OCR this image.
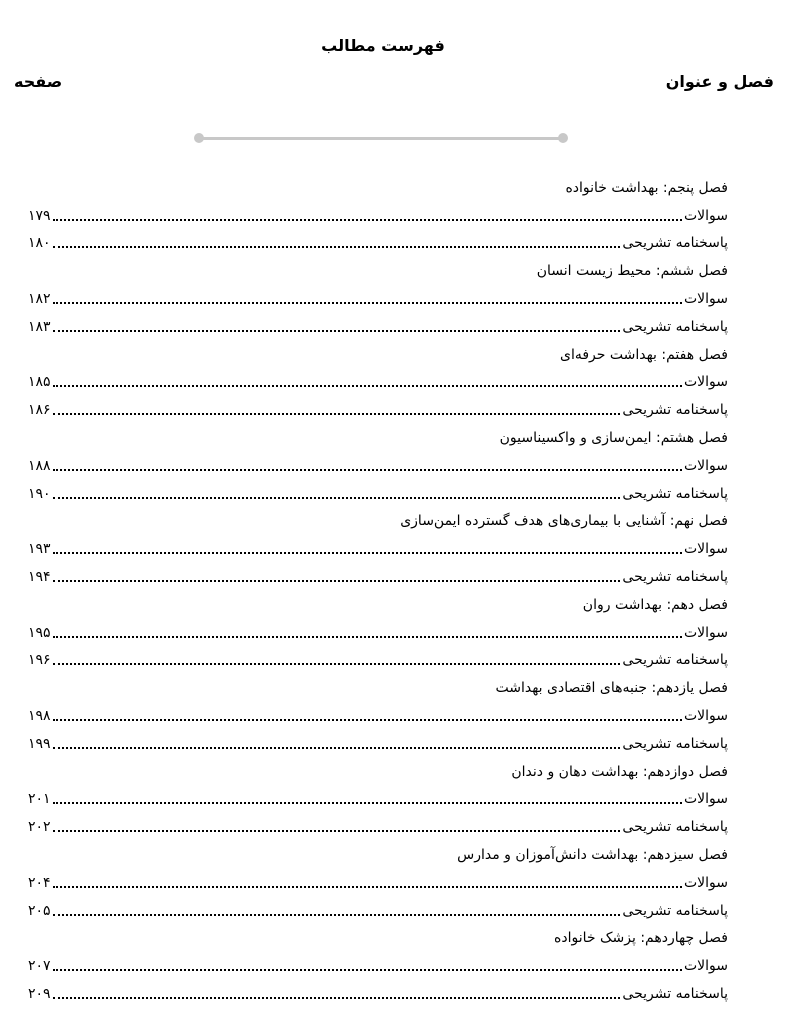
فهرست مطالب
صفحه	فصل و عنوان
فصل پنجم: بهداشت خانواده
سوالات
۱۷۹
پاسخنامه تشریحی
۱۸۰
فصل ششم: محیط زیست انسان
سوالات
۱۸۲
پاسخنامه تشریحی
۱۸۳
فصل هفتم: بهداشت حرفه‌ای
سوالات
۱۸۵
پاسخنامه تشریحی
۱۸۶
فصل هشتم: ایمن‌سازی و واکسیناسیون
سوالات
۱۸۸
پاسخنامه تشریحی
۱۹۰
فصل نهم: آشنایی با بیماری‌های هدف گسترده ایمن‌سازی
سوالات
۱۹۳
پاسخنامه تشریحی
۱۹۴
فصل دهم: بهداشت روان
سوالات
۱۹۵
پاسخنامه تشریحی
۱۹۶
فصل یازدهم: جنبه‌های اقتصادی بهداشت
سوالات
۱۹۸
پاسخنامه تشریحی
۱۹۹
فصل دوازدهم: بهداشت دهان و دندان
سوالات
۲۰۱
پاسخنامه تشریحی
۲۰۲
فصل سیزدهم: بهداشت دانش‌آموزان و مدارس
سوالات
۲۰۴
پاسخنامه تشریحی
۲۰۵
فصل چهاردهم: پزشک خانواده
سوالات
۲۰۷
پاسخنامه تشریحی
۲۰۹
